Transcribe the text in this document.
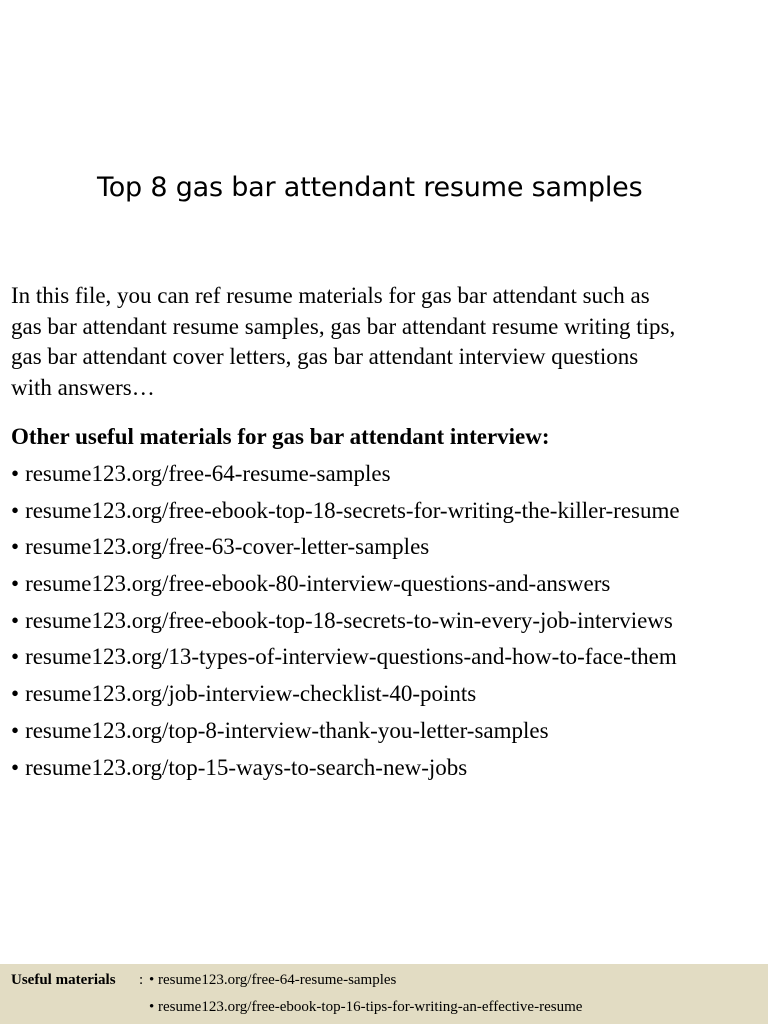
Top 8 gas bar attendant resume samples
In this file, you can ref resume materials for gas bar attendant such as
gas bar attendant resume samples, gas bar attendant resume writing tips,
gas bar attendant cover letters, gas bar attendant interview questions
with answers…
Other useful materials for gas bar attendant interview:
• resume123.org/free-64-resume-samples
• resume123.org/free-ebook-top-18-secrets-for-writing-the-killer-resume
• resume123.org/free-63-cover-letter-samples
• resume123.org/free-ebook-80-interview-questions-and-answers
• resume123.org/free-ebook-top-18-secrets-to-win-every-job-interviews
• resume123.org/13-types-of-interview-questions-and-how-to-face-them
• resume123.org/job-interview-checklist-40-points
• resume123.org/top-8-interview-thank-you-letter-samples
• resume123.org/top-15-ways-to-search-new-jobs
Useful materials : • resume123.org/free-64-resume-samples
• resume123.org/free-ebook-top-16-tips-for-writing-an-effective-resume
